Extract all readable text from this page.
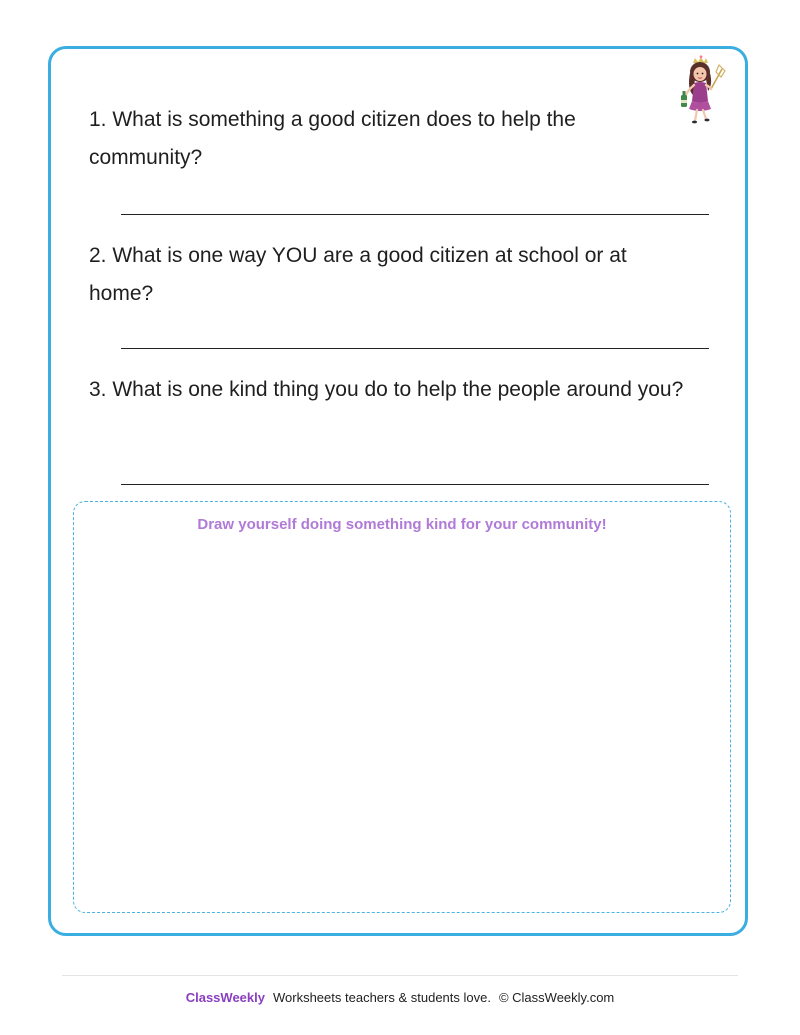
1. What is something a good citizen does to help the community?
2. What is one way YOU are a good citizen at school or at home?
3. What is one kind thing you do to help the people around you?
Draw yourself doing something kind for your community!
ClassWeekly Worksheets teachers & students love. © ClassWeekly.com
